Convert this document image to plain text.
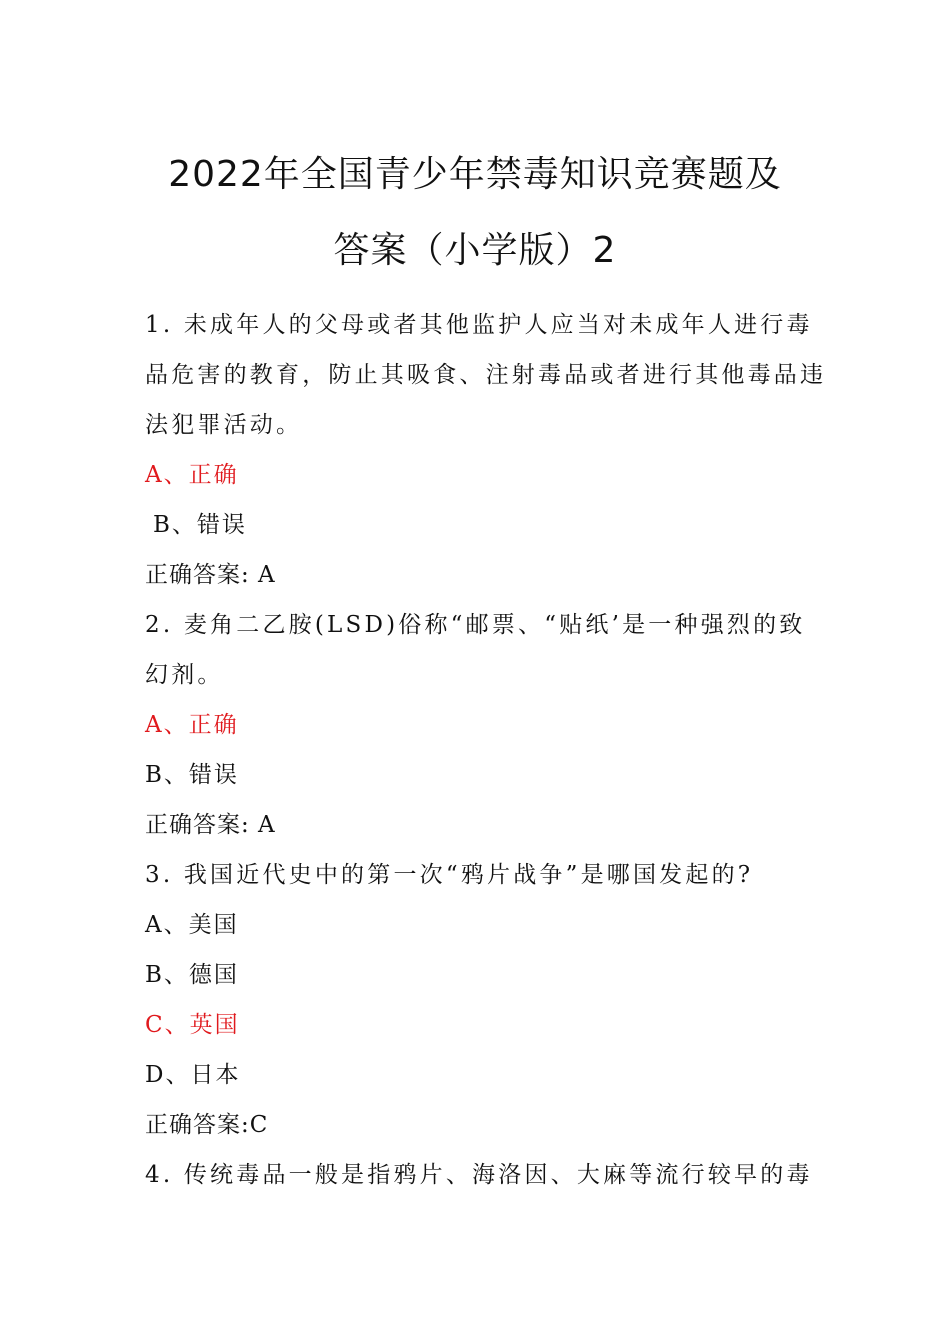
2022年全国青少年禁毒知识竞赛题及
答案（小学版）2
1. 未成年人的父母或者其他监护人应当对未成年人进行毒
品危害的教育，防止其吸食、注射毒品或者进行其他毒品违
法犯罪活动。
A、正确
B、错误
正确答案: A
2. 麦角二乙胺(LSD)俗称“邮票、“贴纸’是一种强烈的致
幻剂。
A、正确
B、错误
正确答案: A
3. 我国近代史中的第一次“鸦片战争”是哪国发起的?
A、美国
B、德国
C、英国
D、日本
正确答案:C
4. 传统毒品一般是指鸦片、海洛因、大麻等流行较早的毒
